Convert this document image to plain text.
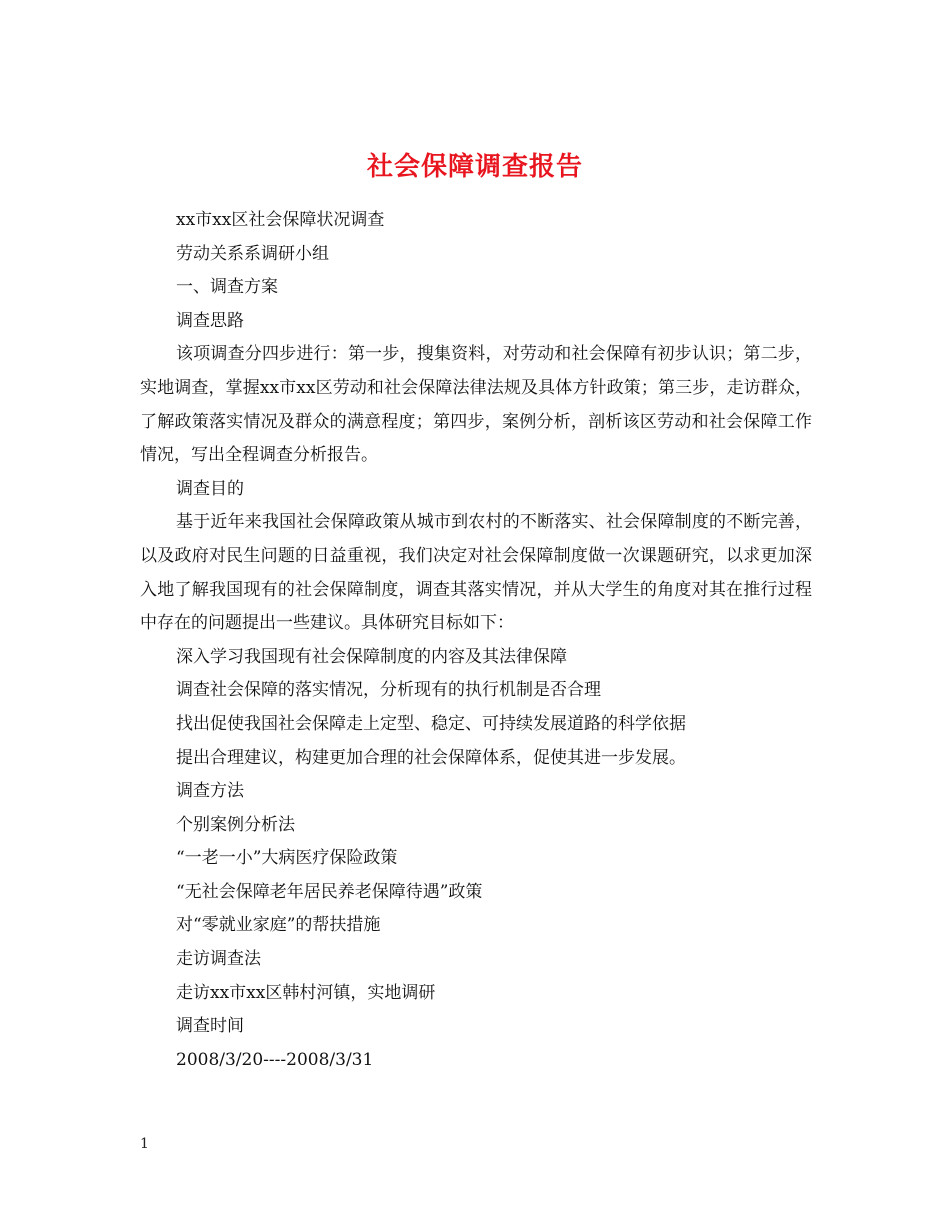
社会保障调查报告

xx市xx区社会保障状况调查

劳动关系系调研小组

一、调查方案

调查思路

该项调查分四步进行：第一步，搜集资料，对劳动和社会保障有初步认识；第二步，实地调查，掌握xx市xx区劳动和社会保障法律法规及具体方针政策；第三步，走访群众，了解政策落实情况及群众的满意程度；第四步，案例分析，剖析该区劳动和社会保障工作情况，写出全程调查分析报告。

调查目的

基于近年来我国社会保障政策从城市到农村的不断落实、社会保障制度的不断完善，以及政府对民生问题的日益重视，我们决定对社会保障制度做一次课题研究，以求更加深入地了解我国现有的社会保障制度，调查其落实情况，并从大学生的角度对其在推行过程中存在的问题提出一些建议。具体研究目标如下：

深入学习我国现有社会保障制度的内容及其法律保障

调查社会保障的落实情况，分析现有的执行机制是否合理

找出促使我国社会保障走上定型、稳定、可持续发展道路的科学依据

提出合理建议，构建更加合理的社会保障体系，促使其进一步发展。

调查方法

个别案例分析法

“一老一小”大病医疗保险政策

“无社会保障老年居民养老保障待遇”政策

对“零就业家庭”的帮扶措施

走访调查法

走访xx市xx区韩村河镇，实地调研

调查时间

2008/3/20----2008/3/31

1
